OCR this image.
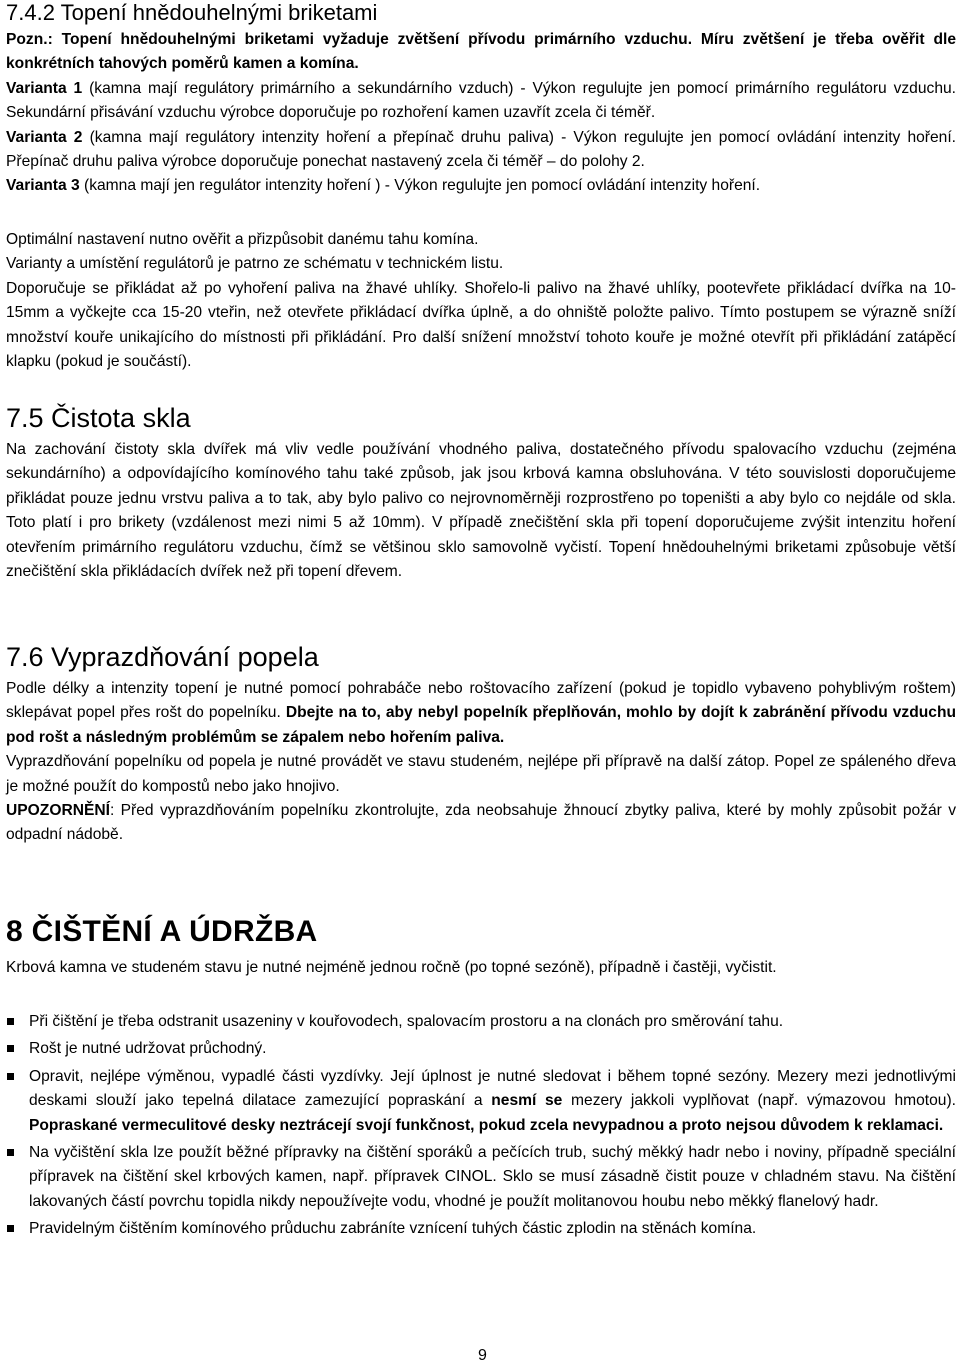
7.4.2 Topení hnědouhelnými briketami

Pozn.: Topení hnědouhelnými briketami vyžaduje zvětšení přívodu primárního vzduchu. Míru zvětšení je třeba ověřit dle konkrétních tahových poměrů kamen a komína.

Varianta 1 (kamna mají regulátory primárního a sekundárního vzduch) - Výkon regulujte jen pomocí primárního regulátoru vzduchu. Sekundární přisávání vzduchu výrobce doporučuje po rozhoření kamen uzavřít zcela či téměř.

Varianta 2 (kamna mají regulátory intenzity hoření a přepínač druhu paliva) - Výkon regulujte jen pomocí ovládání intenzity hoření. Přepínač druhu paliva výrobce doporučuje ponechat nastavený zcela či téměř – do polohy 2.

Varianta 3 (kamna mají jen regulátor intenzity hoření ) - Výkon regulujte jen pomocí ovládání intenzity hoření.

Optimální nastavení nutno ověřit a přizpůsobit danému tahu komína.

Varianty a umístění regulátorů je patrno ze schématu v technickém listu.

Doporučuje se přikládat až po vyhoření paliva na žhavé uhlíky. Shořelo-li palivo na žhavé uhlíky, pootevřete přikládací dvířka na 10-15mm a vyčkejte cca 15-20 vteřin, než otevřete přikládací dvířka úplně, a do ohniště položte palivo. Tímto postupem se výrazně sníží množství kouře unikajícího do místnosti při přikládání. Pro další snížení množství tohoto kouře je možné otevřít při přikládání zatápěcí klapku (pokud je součástí).

7.5 Čistota skla

Na zachování čistoty skla dvířek má vliv vedle používání vhodného paliva, dostatečného přívodu spalovacího vzduchu (zejména sekundárního) a odpovídajícího komínového tahu také způsob, jak jsou krbová kamna obsluhována. V této souvislosti doporučujeme přikládat pouze jednu vrstvu paliva a to tak, aby bylo palivo co nejrovnoměrněji rozprostřeno po topeništi a aby bylo co nejdále od skla. Toto platí i pro brikety (vzdálenost mezi nimi 5 až 10mm). V případě znečištění skla při topení doporučujeme zvýšit intenzitu hoření otevřením primárního regulátoru vzduchu, čímž se většinou sklo samovolně vyčistí. Topení hnědouhelnými briketami způsobuje větší znečištění skla přikládacích dvířek než při topení dřevem.

7.6 Vyprazdňování popela

Podle délky a intenzity topení je nutné pomocí pohrabáče nebo roštovacího zařízení (pokud je topidlo vybaveno pohyblivým roštem) sklepávat popel přes rošt do popelníku. Dbejte na to, aby nebyl popelník přeplňován, mohlo by dojít k zabránění přívodu vzduchu pod rošt a následným problémům se zápalem nebo hořením paliva.

Vyprazdňování popelníku od popela je nutné provádět ve stavu studeném, nejlépe při přípravě na další zátop. Popel ze spáleného dřeva je možné použít do kompostů nebo jako hnojivo.

UPOZORNĚNÍ: Před vyprazdňováním popelníku zkontrolujte, zda neobsahuje žhnoucí zbytky paliva, které by mohly způsobit požár v odpadní nádobě.

8 ČIŠTĚNÍ A ÚDRŽBA

Krbová kamna ve studeném stavu je nutné nejméně jednou ročně (po topné sezóně), případně i častěji, vyčistit.

Při čištění je třeba odstranit usazeniny v kouřovodech, spalovacím prostoru a na clonách pro směrování tahu.
Rošt je nutné udržovat průchodný.
Opravit, nejlépe výměnou, vypadlé části vyzdívky. Její úplnost je nutné sledovat i během topné sezóny. Mezery mezi jednotlivými deskami slouží jako tepelná dilatace zamezující popraskání a nesmí se mezery jakkoli vyplňovat (např. výmazovou hmotou). Popraskané vermeculitové desky neztrácejí svojí funkčnost, pokud zcela nevypadnou a proto nejsou důvodem k reklamaci.
Na vyčištění skla lze použít běžné přípravky na čištění sporáků a pečících trub, suchý měkký hadr nebo i noviny, případně speciální přípravek na čištění skel krbových kamen, např. přípravek CINOL. Sklo se musí zásadně čistit pouze v chladném stavu. Na čištění lakovaných částí povrchu topidla nikdy nepoužívejte vodu, vhodné je použít molitanovou houbu nebo měkký flanelový hadr.
Pravidelným čištěním komínového průduchu zabráníte vznícení tuhých částic zplodin na stěnách komína.
9
